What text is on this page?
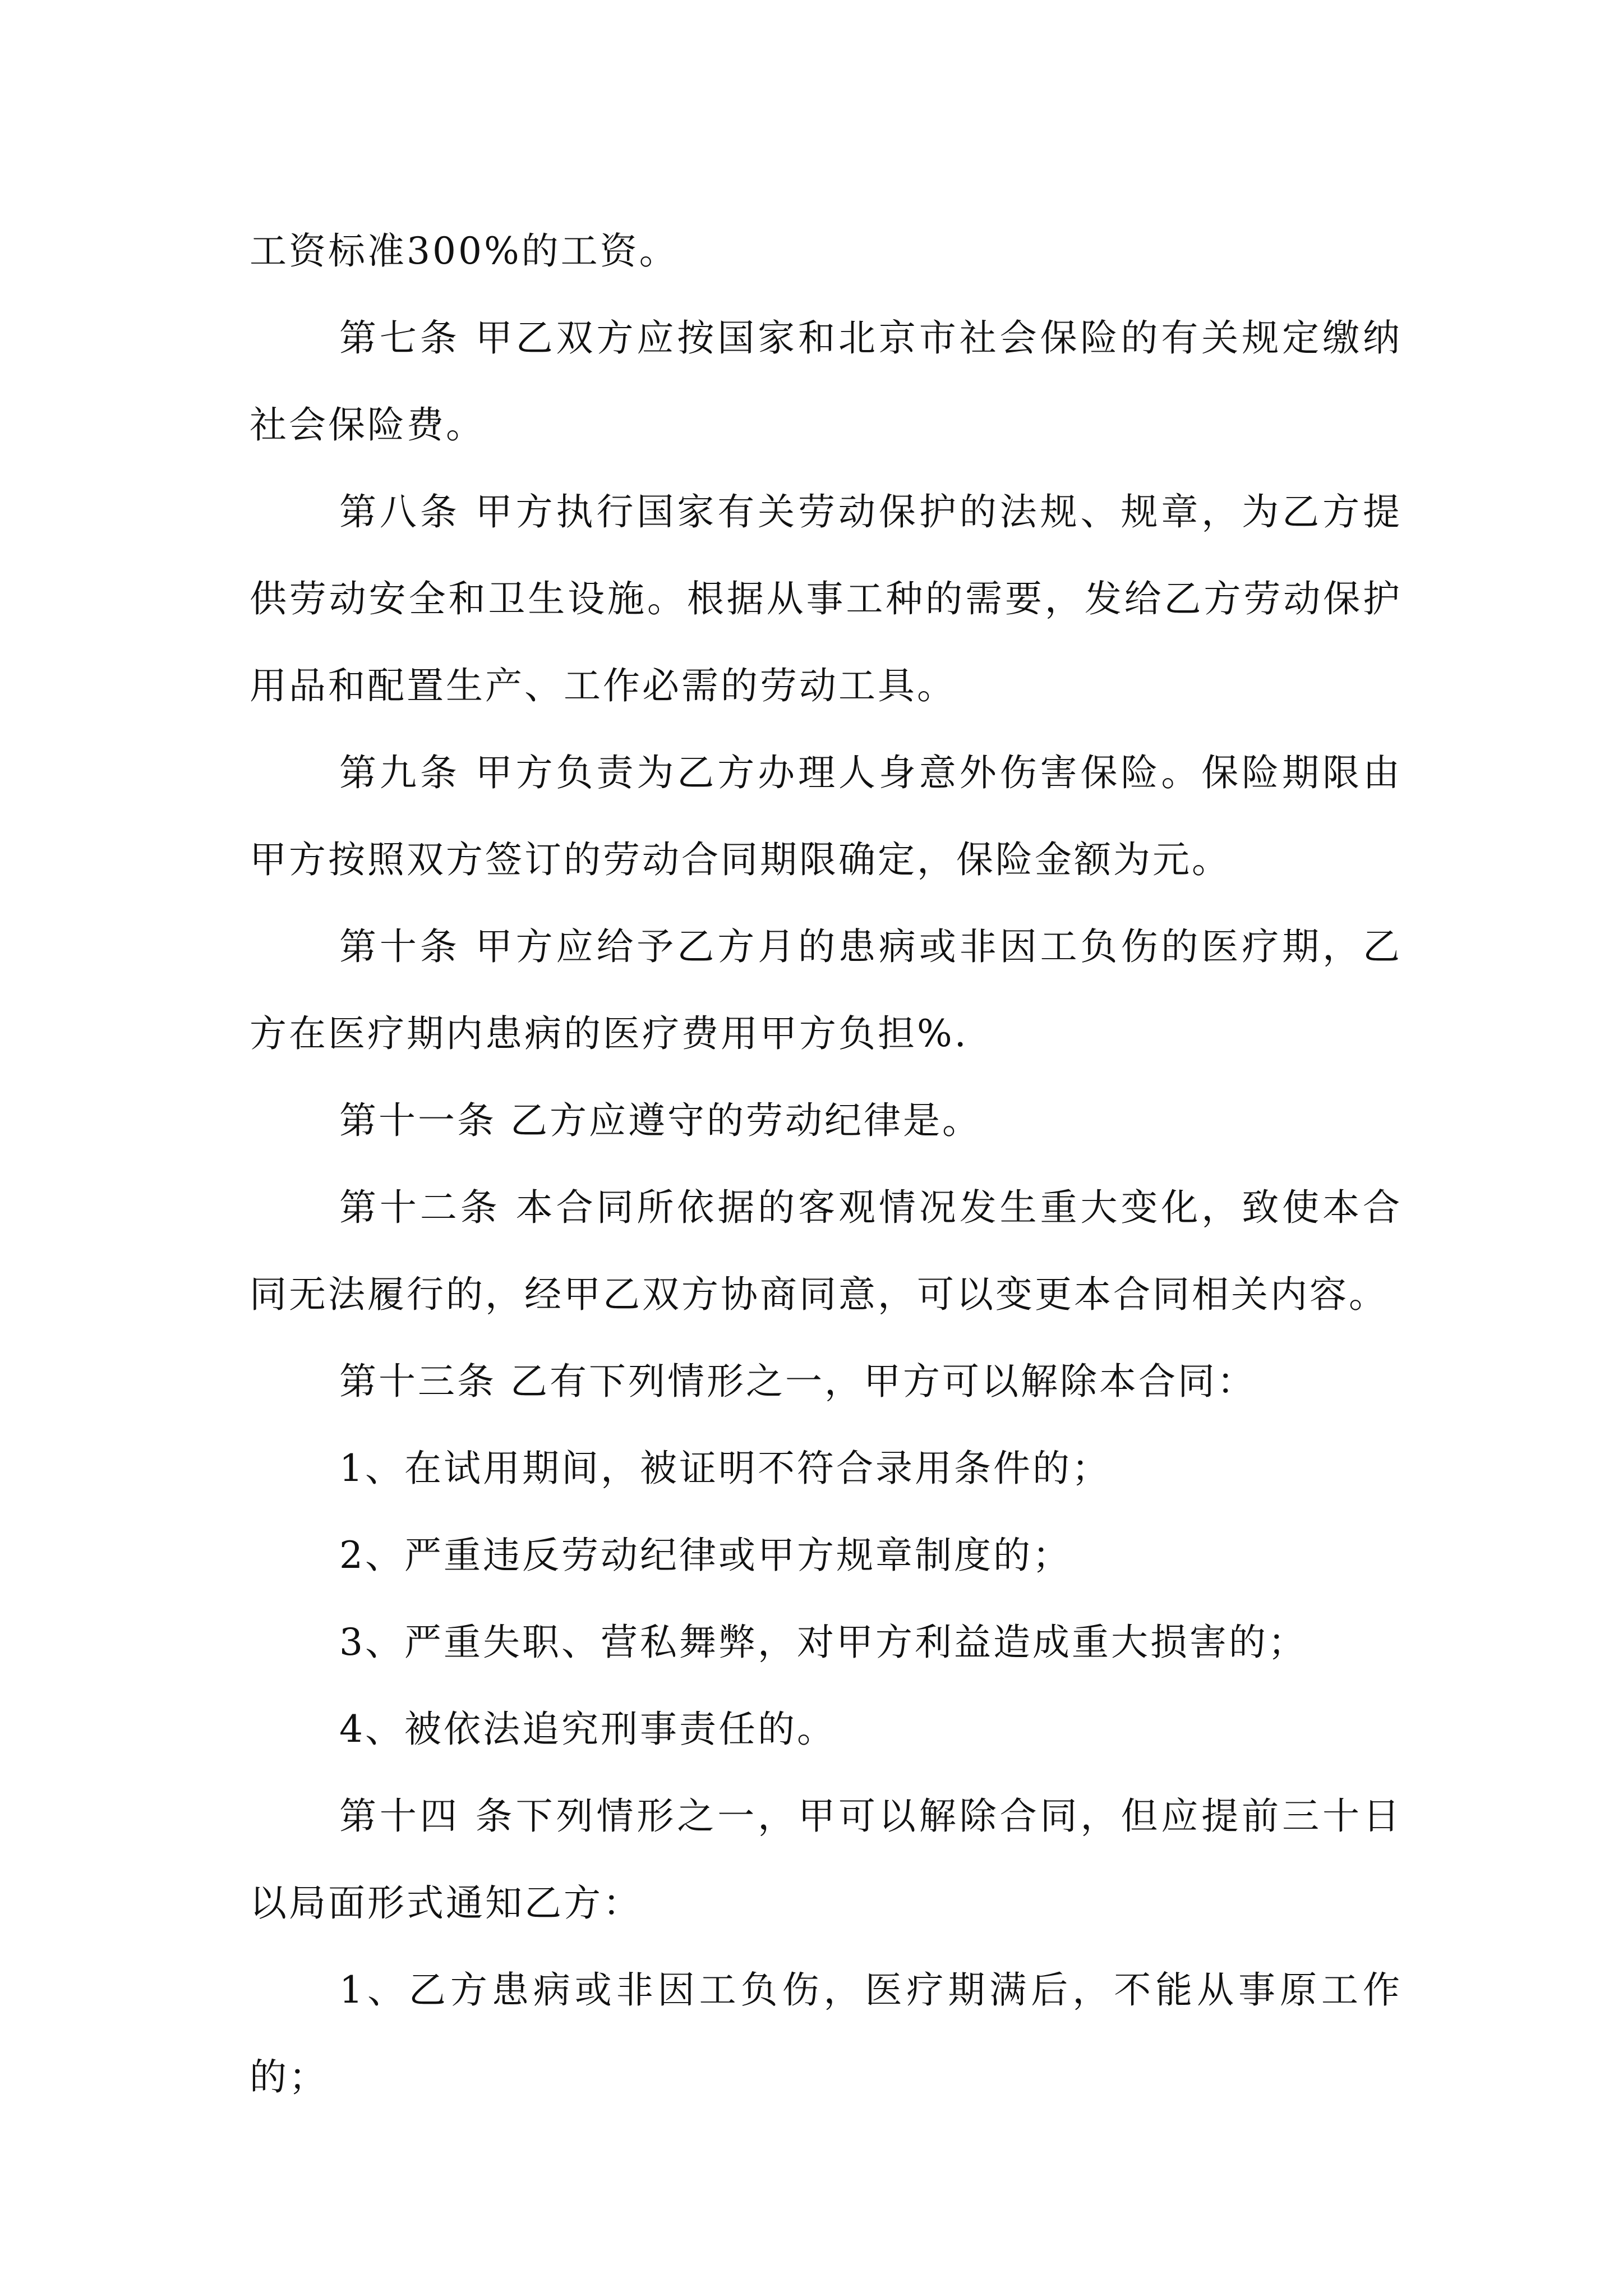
工资标准300%的工资。

第七条 甲乙双方应按国家和北京市社会保险的有关规定缴纳社会保险费。

第八条 甲方执行国家有关劳动保护的法规、规章，为乙方提供劳动安全和卫生设施。根据从事工种的需要，发给乙方劳动保护用品和配置生产、工作必需的劳动工具。

第九条 甲方负责为乙方办理人身意外伤害保险。保险期限由甲方按照双方签订的劳动合同期限确定，保险金额为元。

第十条 甲方应给予乙方月的患病或非因工负伤的医疗期，乙方在医疗期内患病的医疗费用甲方负担%.

第十一条 乙方应遵守的劳动纪律是。

第十二条 本合同所依据的客观情况发生重大变化，致使本合同无法履行的，经甲乙双方协商同意，可以变更本合同相关内容。

第十三条 乙有下列情形之一，甲方可以解除本合同：

1、在试用期间，被证明不符合录用条件的；

2、严重违反劳动纪律或甲方规章制度的；

3、严重失职、营私舞弊，对甲方利益造成重大损害的；

4、被依法追究刑事责任的。

第十四 条下列情形之一，甲可以解除合同，但应提前三十日以局面形式通知乙方：

1、乙方患病或非因工负伤，医疗期满后，不能从事原工作的；
